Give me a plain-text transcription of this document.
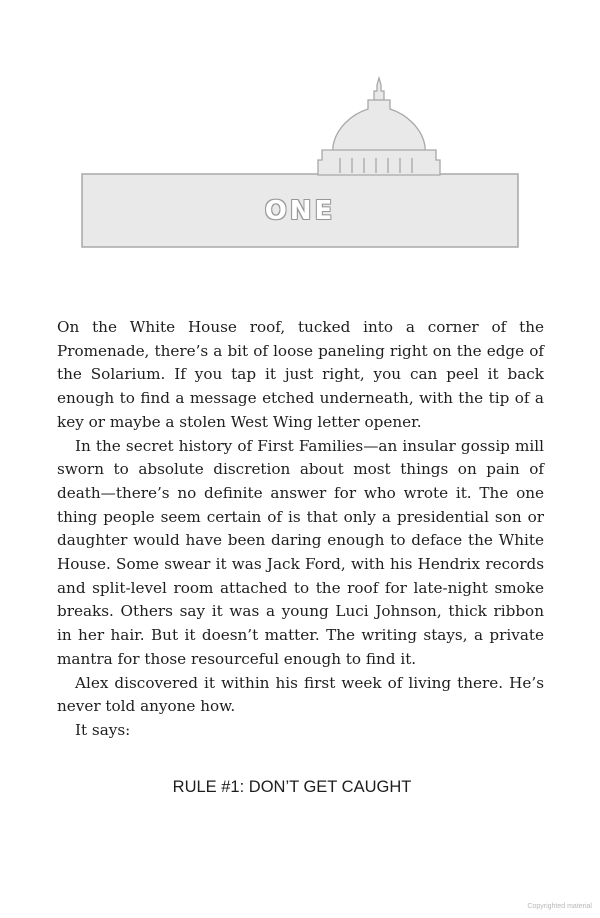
ONE

On the White House roof, tucked into a corner of the Promenade, there’s a bit of loose paneling right on the edge of the Solarium. If you tap it just right, you can peel it back enough to find a message etched underneath, with the tip of a key or maybe a stolen West Wing letter opener.

In the secret history of First Families—an insular gossip mill sworn to absolute discretion about most things on pain of death—there’s no definite answer for who wrote it. The one thing people seem certain of is that only a presidential son or daughter would have been daring enough to deface the White House. Some swear it was Jack Ford, with his Hendrix records and split-level room attached to the roof for late-night smoke breaks. Others say it was a young Luci Johnson, thick ribbon in her hair. But it doesn’t matter. The writing stays, a private mantra for those resourceful enough to find it.

Alex discovered it within his first week of living there. He’s never told anyone how.

It says:

RULE #1: DON’T GET CAUGHT
Copyrighted material
